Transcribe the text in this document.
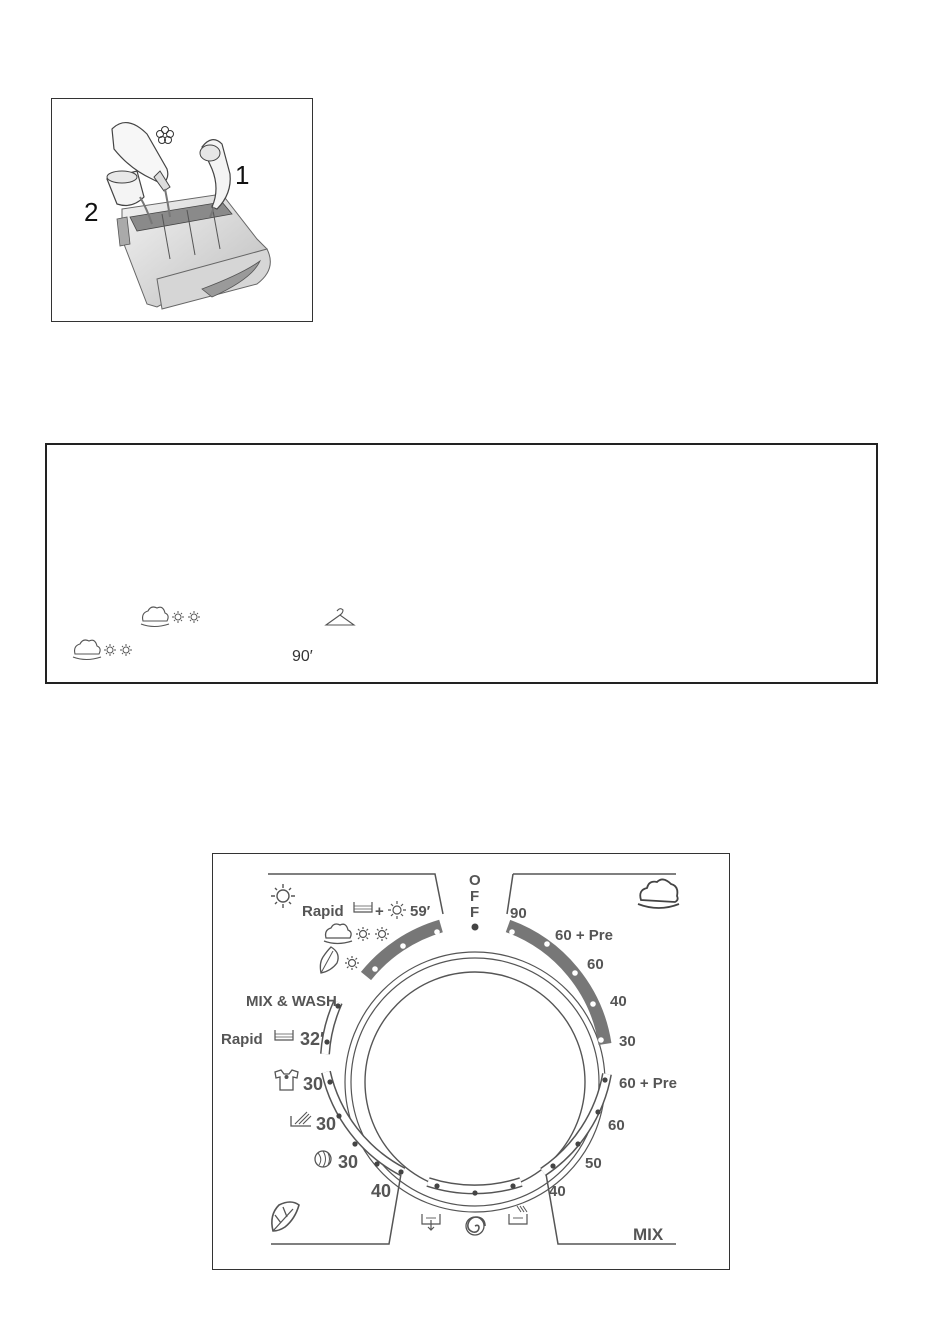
1
2
90′
O
F
F
Rapid + 59′
MIX & WASH
Rapid 32′
30
30
30
40
90
60 + Pre
60
40
30
60 + Pre
60
50
40
MIX
